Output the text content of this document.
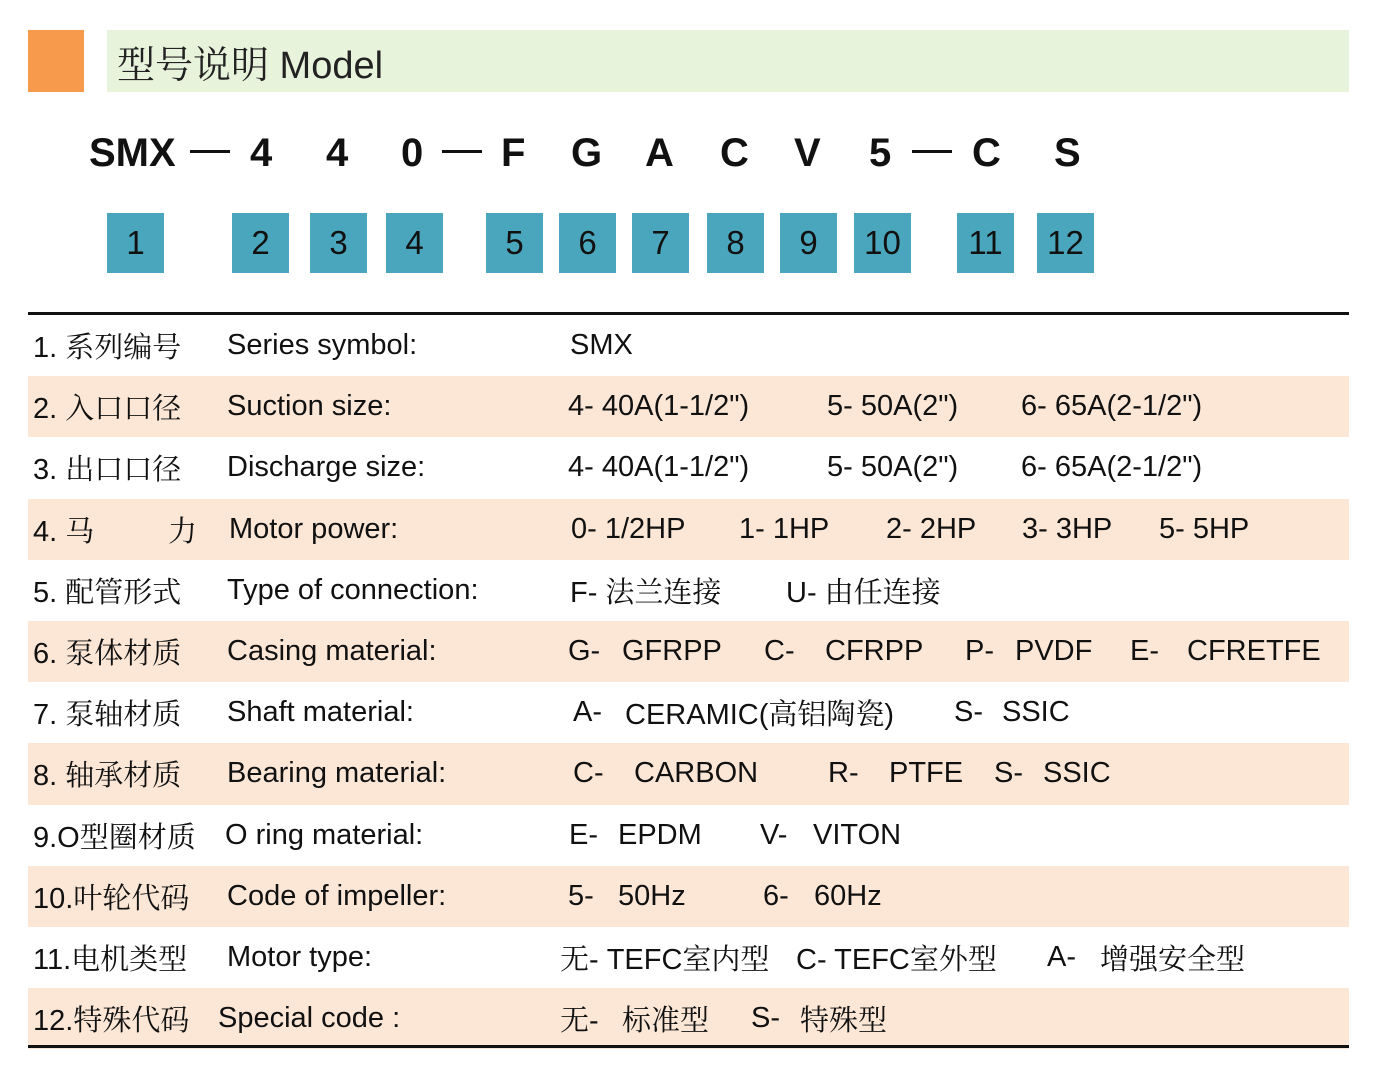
型号说明 Model
SMX 4 4 0 F G A C V 5 C S
1	2	3	4	5	6	7	8	9	10	11	12
1. 系列编号 Series symbol:	SMX
2. 入口口径 Suction size:	4- 40A(1-1/2")	5- 50A(2") 6- 65A(2-1/2")
3. 出口口径 Discharge size:	4- 40A(1-1/2")	5- 50A(2") 6- 65A(2-1/2")
4. 马	力 Motor power:	0- 1/2HP 1- 1HP 2- 2HP 3- 3HP 5- 5HP
5. 配管形式 Type of connection:	F- 法兰连接 U- 由任连接
6. 泵体材质 Casing material:	G- GFRPP C- CFRPP P- PVDF E- CFRETFE
7. 泵轴材质 Shaft material:	A- CERAMIC(高铝陶瓷) S- SSIC
8. 轴承材质 Bearing material:	C- CARBON R- PTFE S- SSIC
9.O型圈材质 O ring material:	E- EPDM V- VITON
10.叶轮代码 Code of impeller:	5- 50Hz	6- 60Hz
11.电机类型 Motor type:	无- TEFC室内型 C- TEFC室外型 A- 增强安全型
12.特殊代码 Special code :	无- 标准型 S- 特殊型
